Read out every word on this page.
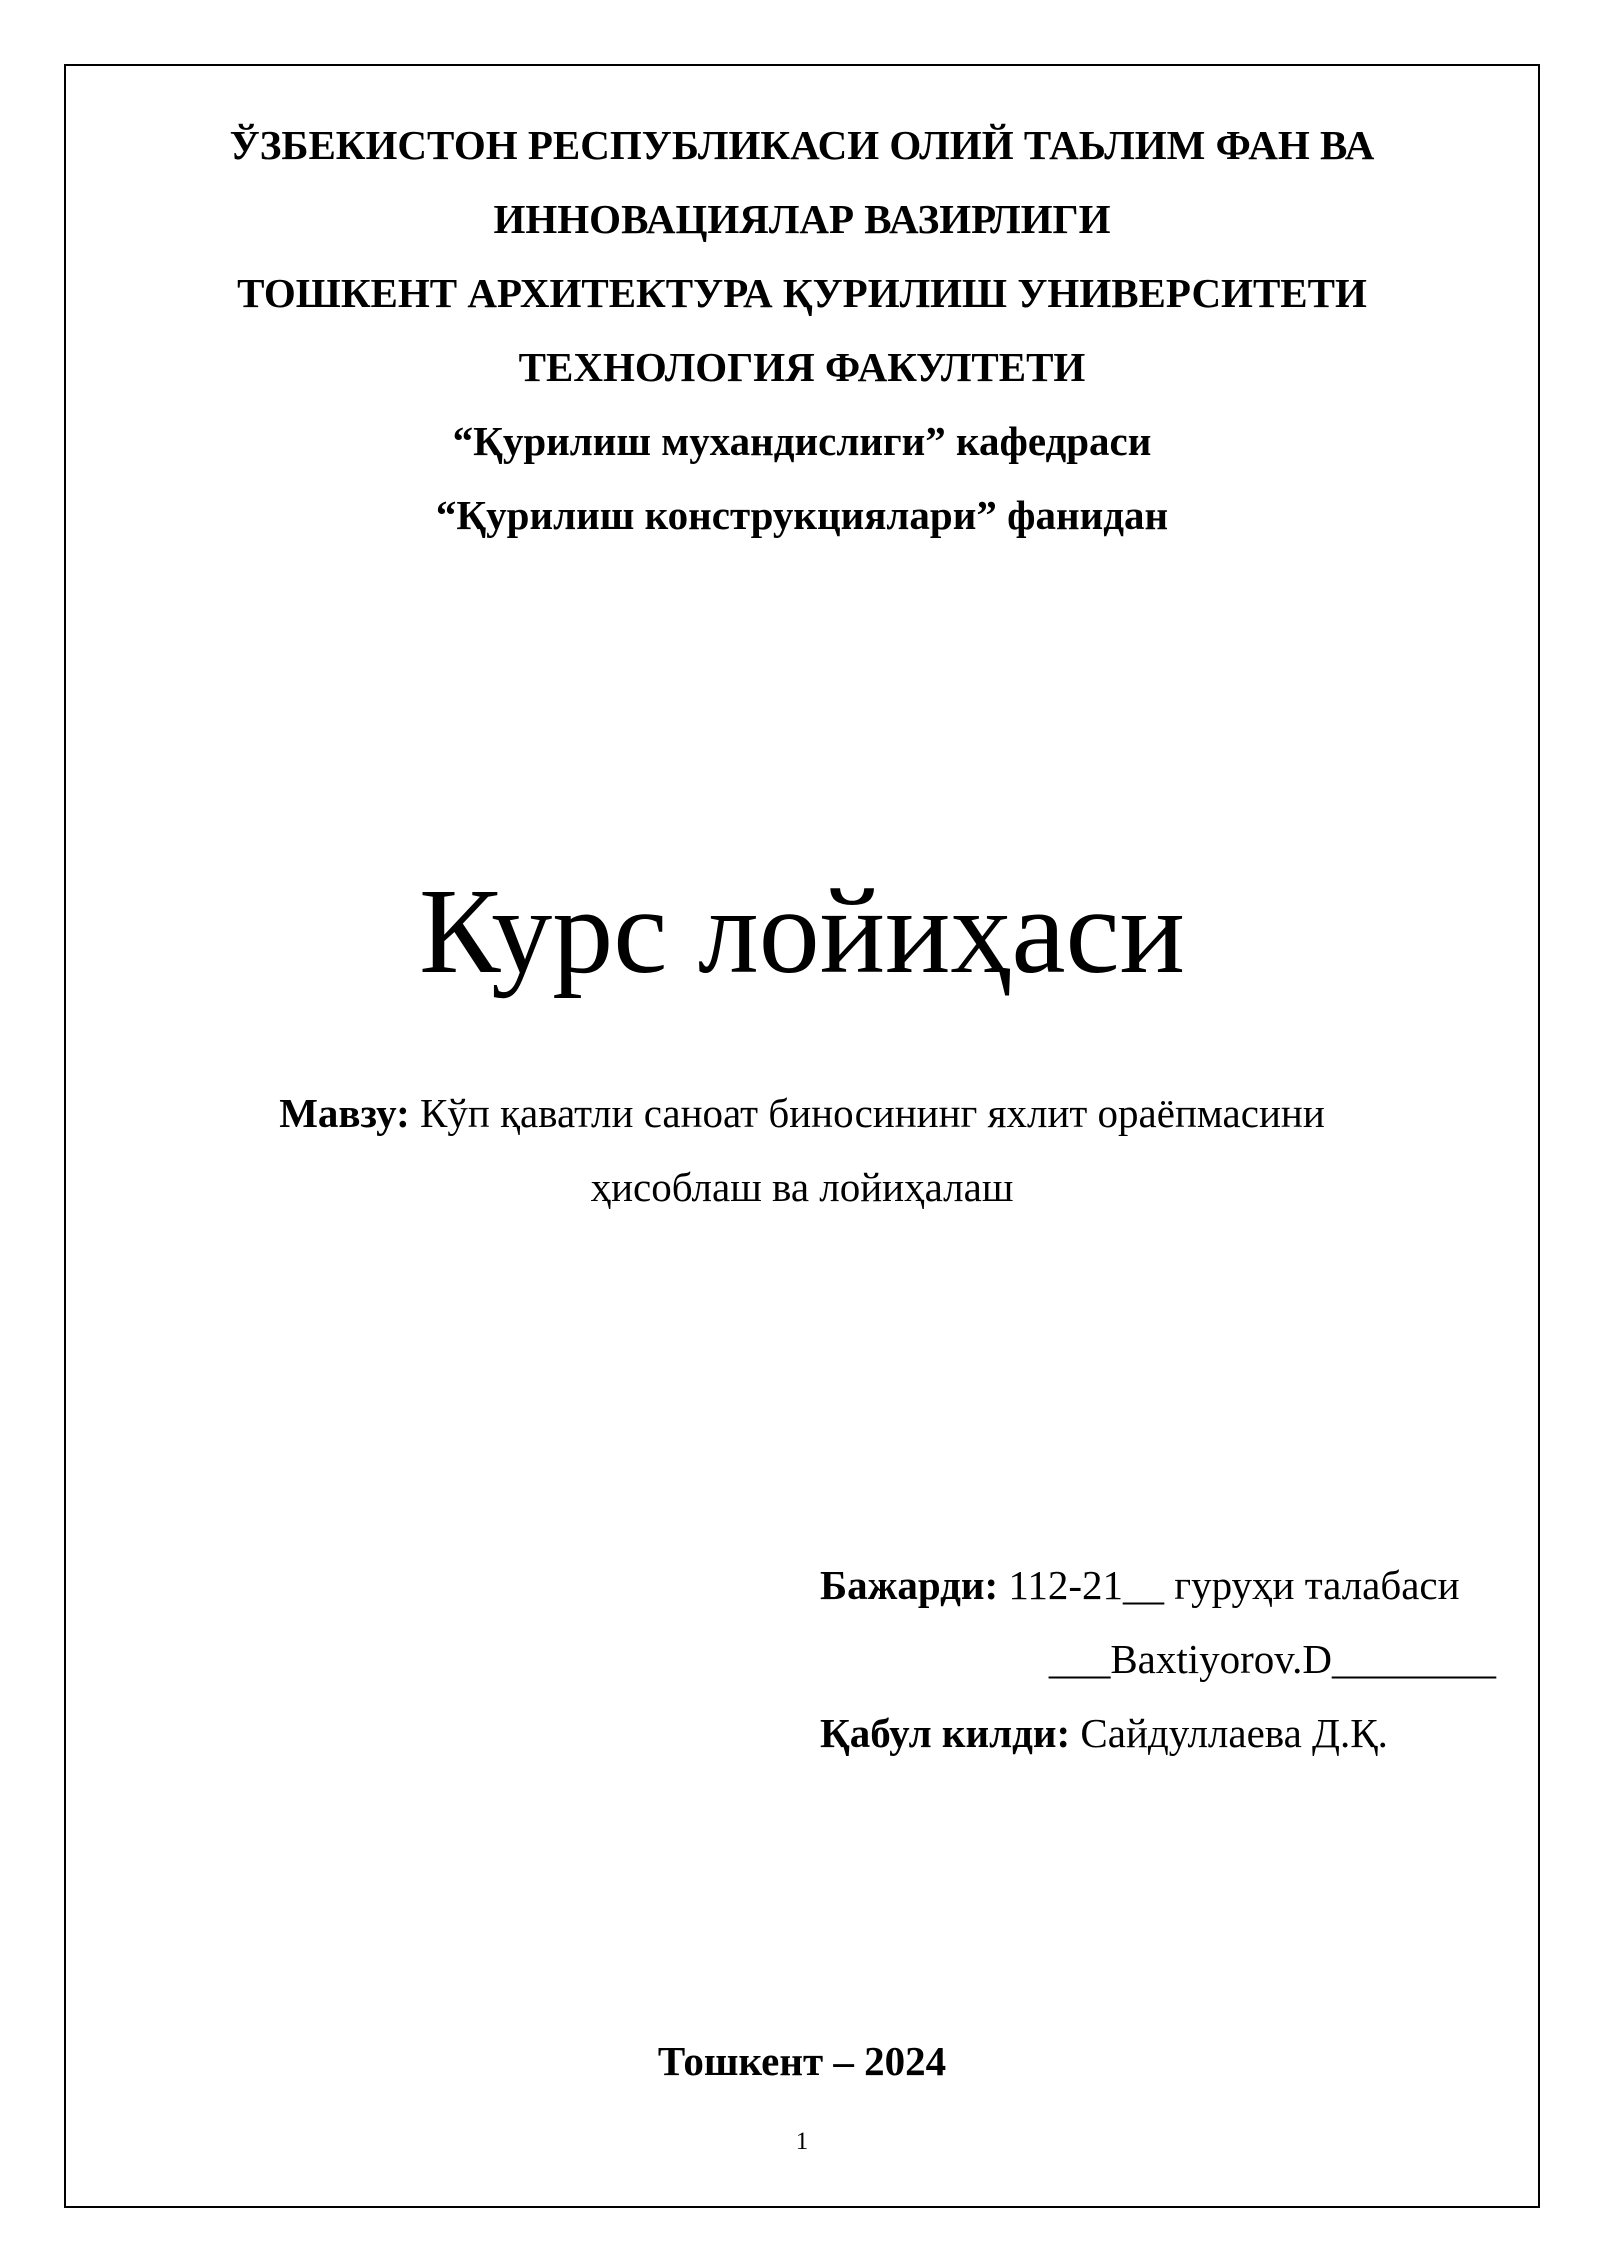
ЎЗБЕКИСТОН РЕСПУБЛИКАСИ ОЛИЙ ТАЬЛИМ ФАН ВА
ИННОВАЦИЯЛАР ВАЗИРЛИГИ
ТОШКЕНТ АРХИТЕКТУРА ҚУРИЛИШ УНИВЕРСИТЕТИ
ТЕХНОЛОГИЯ ФАКУЛТЕТИ
“Қурилиш мухандислиги” кафедраси
“Қурилиш конструкциялари” фанидан
Курс лойиҳаси
Мавзу: Кўп қаватли саноат биносининг яхлит ораёпмасини
ҳисоблаш ва лойиҳалаш
Бажарди: 112-21__ гуруҳи талабаси
___Baxtiyorov.D________
Қабул килди: Сайдуллаева Д.Қ.
Тошкент – 2024
1
